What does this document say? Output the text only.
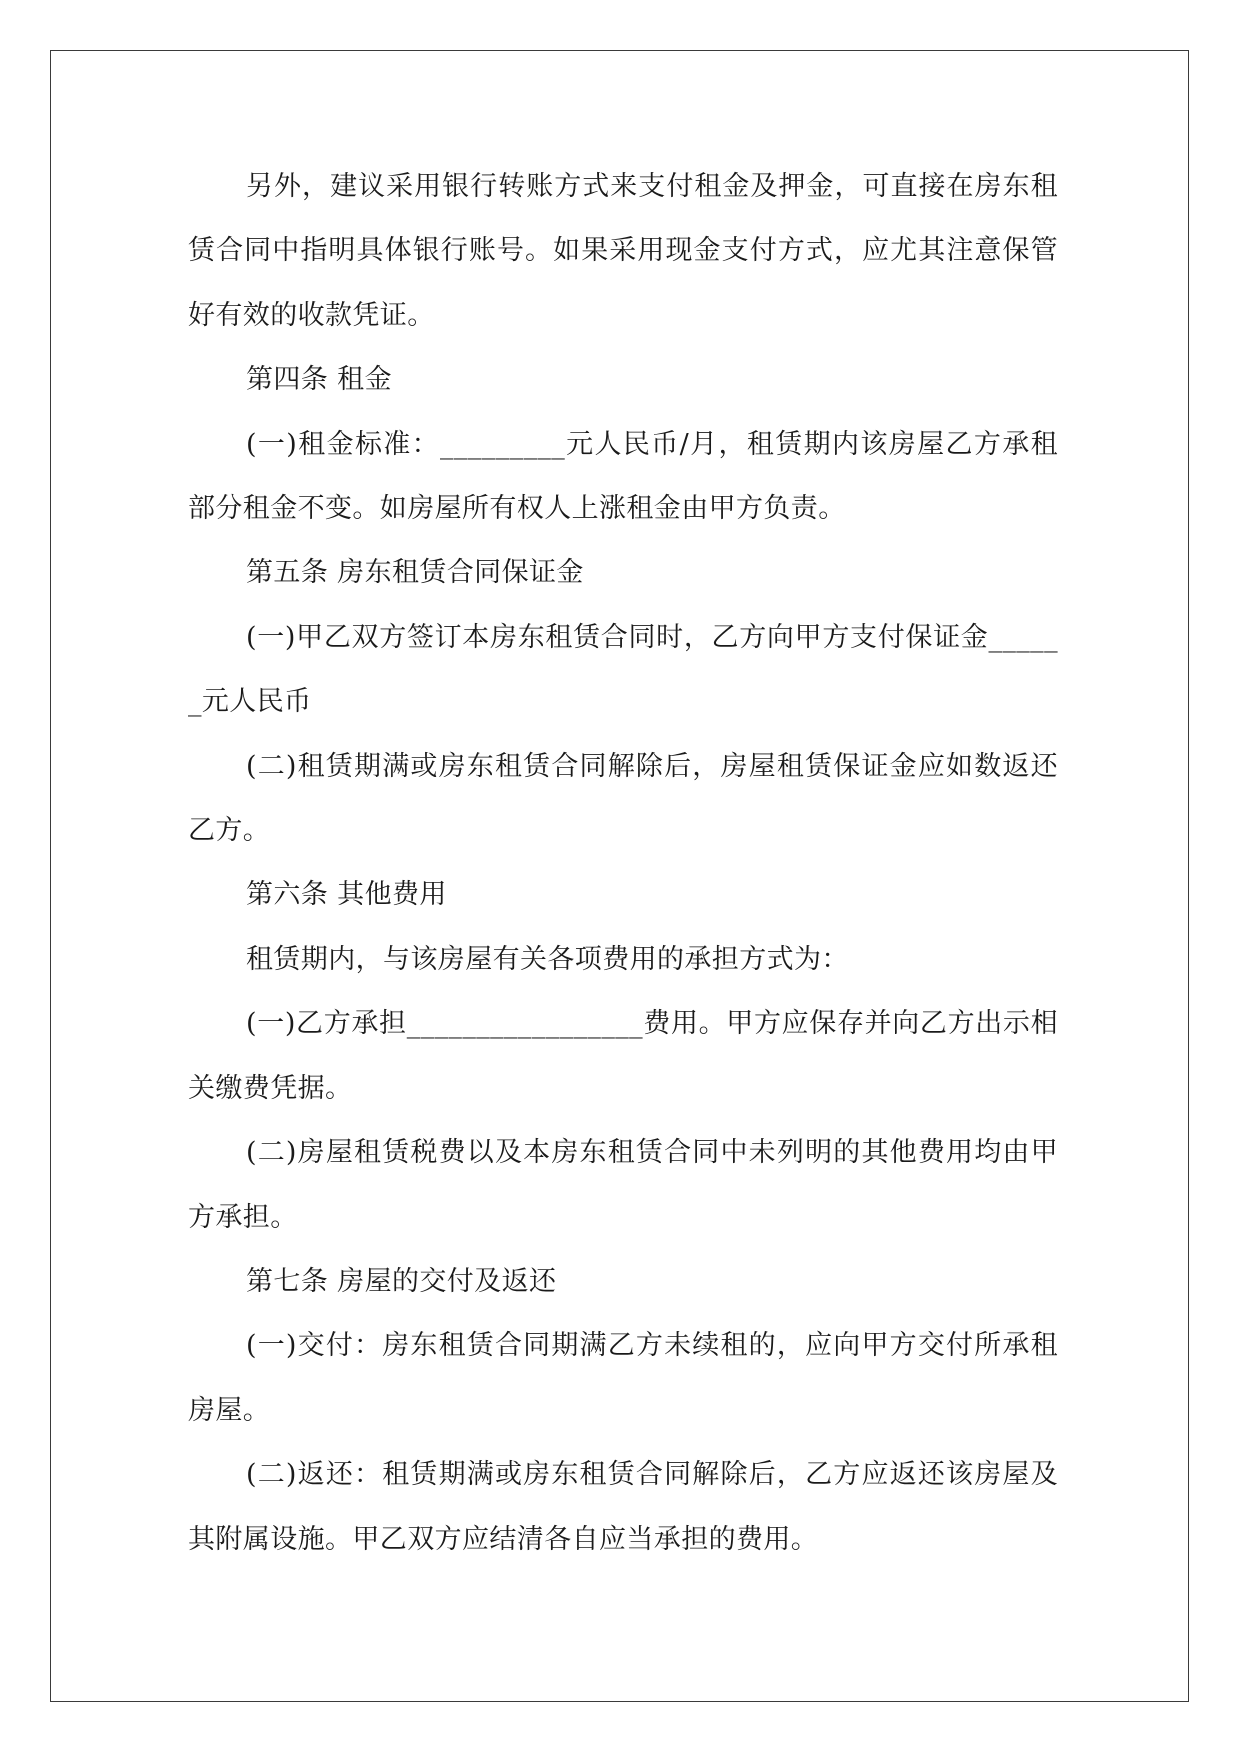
另外，建议采用银行转账方式来支付租金及押金，可直接在房东租赁合同中指明具体银行账号。如果采用现金支付方式，应尤其注意保管好有效的收款凭证。

第四条 租金

(一)租金标准：_________元人民币/月，租赁期内该房屋乙方承租部分租金不变。如房屋所有权人上涨租金由甲方负责。

第五条 房东租赁合同保证金

(一)甲乙双方签订本房东租赁合同时，乙方向甲方支付保证金______元人民币

(二)租赁期满或房东租赁合同解除后，房屋租赁保证金应如数返还乙方。

第六条 其他费用

租赁期内，与该房屋有关各项费用的承担方式为：

(一)乙方承担_________________费用。甲方应保存并向乙方出示相关缴费凭据。

(二)房屋租赁税费以及本房东租赁合同中未列明的其他费用均由甲方承担。

第七条 房屋的交付及返还

(一)交付：房东租赁合同期满乙方未续租的，应向甲方交付所承租房屋。

(二)返还：租赁期满或房东租赁合同解除后，乙方应返还该房屋及其附属设施。甲乙双方应结清各自应当承担的费用。
